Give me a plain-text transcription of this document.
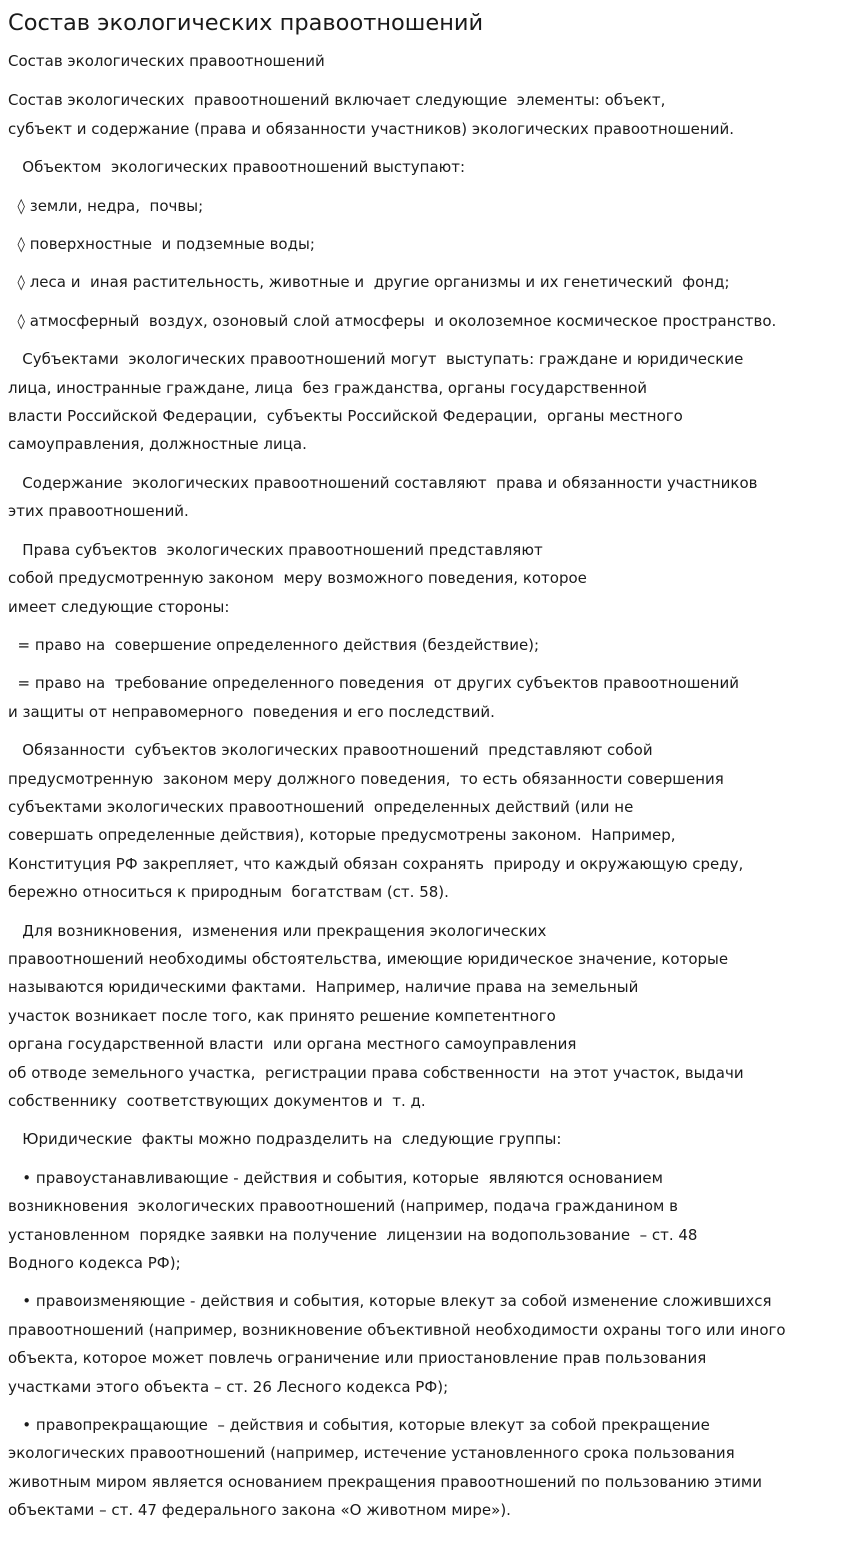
Состав экологических правоотношений

Состав экологических правоотношений

Состав экологических  правоотношений включает следующие  элементы: объект,
субъект и содержание (права и обязанности участников) экологических правоотношений.

Объектом  экологических правоотношений выступают:

◊ земли, недра,  почвы;

◊ поверхностные  и подземные воды;

◊ леса и  иная растительность, животные и  другие организмы и их генетический  фонд;

◊ атмосферный  воздух, озоновый слой атмосферы  и околоземное космическое пространство.

Субъектами  экологических правоотношений могут  выступать: граждане и юридические
лица, иностранные граждане, лица  без гражданства, органы государственной
власти Российской Федерации,  субъекты Российской Федерации,  органы местного
самоуправления, должностные лица.

Содержание  экологических правоотношений составляют  права и обязанности участников
этих правоотношений.

Права субъектов  экологических правоотношений представляют
собой предусмотренную законом  меру возможного поведения, которое
имеет следующие стороны:

= право на  совершение определенного действия (бездействие);

= право на  требование определенного поведения  от других субъектов правоотношений
и защиты от неправомерного  поведения и его последствий.

Обязанности  субъектов экологических правоотношений  представляют собой
предусмотренную  законом меру должного поведения,  то есть обязанности совершения
субъектами экологических правоотношений  определенных действий (или не
совершать определенные действия), которые предусмотрены законом.  Например,
Конституция РФ закрепляет, что каждый обязан сохранять  природу и окружающую среду,
бережно относиться к природным  богатствам (ст. 58).

Для возникновения,  изменения или прекращения экологических
правоотношений необходимы обстоятельства, имеющие юридическое значение, которые
называются юридическими фактами.  Например, наличие права на земельный
участок возникает после того, как принято решение компетентного
органа государственной власти  или органа местного самоуправления
об отводе земельного участка,  регистрации права собственности  на этот участок, выдачи
собственнику  соответствующих документов и  т. д.

Юридические  факты можно подразделить на  следующие группы:

• правоустанавливающие - действия и события, которые  являются основанием
возникновения  экологических правоотношений (например, подача гражданином в
установленном  порядке заявки на получение  лицензии на водопользование  – ст. 48
Водного кодекса РФ);

• правоизменяющие - действия и события, которые влекут за собой изменение сложившихся
правоотношений (например, возникновение объективной необходимости охраны того или иного
объекта, которое может повлечь ограничение или приостановление прав пользования
участками этого объекта – ст. 26 Лесного кодекса РФ);

• правопрекращающие  – действия и события, которые влекут за собой прекращение
экологических правоотношений (например, истечение установленного срока пользования
животным миром является основанием прекращения правоотношений по пользованию этими
объектами – ст. 47 федерального закона «О животном мире»).
